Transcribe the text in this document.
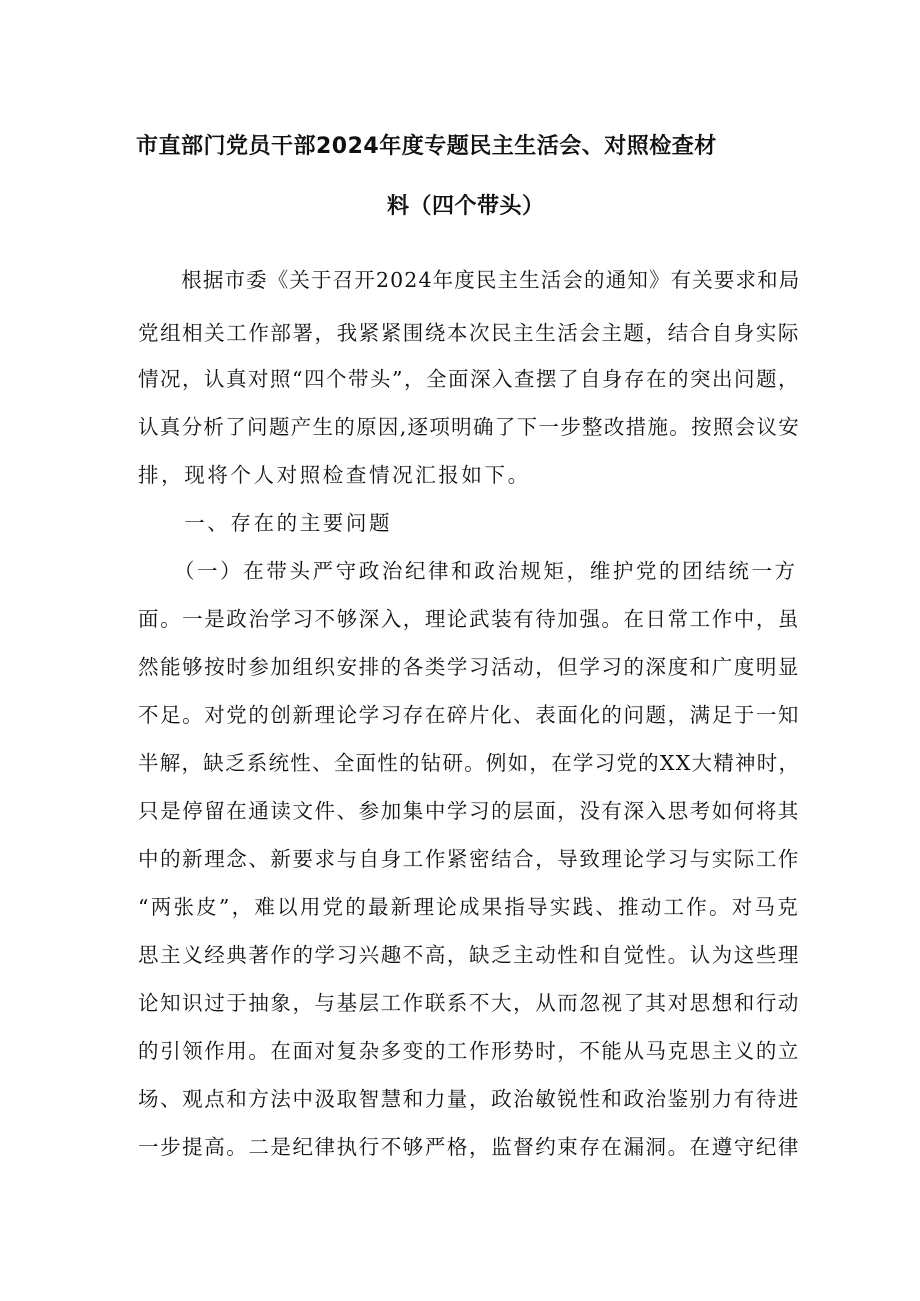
市直部门党员干部2024年度专题民主生活会、对照检查材
料（四个带头）
　　根据市委《关于召开2024年度民主生活会的通知》有关要求和局
党组相关工作部署，我紧紧围绕本次民主生活会主题，结合自身实际
情况，认真对照“四个带头”，全面深入查摆了自身存在的突出问题，
认真分析了问题产生的原因,逐项明确了下一步整改措施。按照会议安
排，现将个人对照检查情况汇报如下。
　　一、存在的主要问题
　　（一）在带头严守政治纪律和政治规矩，维护党的团结统一方
面。一是政治学习不够深入，理论武装有待加强。在日常工作中，虽
然能够按时参加组织安排的各类学习活动，但学习的深度和广度明显
不足。对党的创新理论学习存在碎片化、表面化的问题，满足于一知
半解，缺乏系统性、全面性的钻研。例如，在学习党的XX大精神时，
只是停留在通读文件、参加集中学习的层面，没有深入思考如何将其
中的新理念、新要求与自身工作紧密结合，导致理论学习与实际工作
“两张皮”，难以用党的最新理论成果指导实践、推动工作。对马克
思主义经典著作的学习兴趣不高，缺乏主动性和自觉性。认为这些理
论知识过于抽象，与基层工作联系不大，从而忽视了其对思想和行动
的引领作用。在面对复杂多变的工作形势时，不能从马克思主义的立
场、观点和方法中汲取智慧和力量，政治敏锐性和政治鉴别力有待进
一步提高。二是纪律执行不够严格，监督约束存在漏洞。在遵守纪律
